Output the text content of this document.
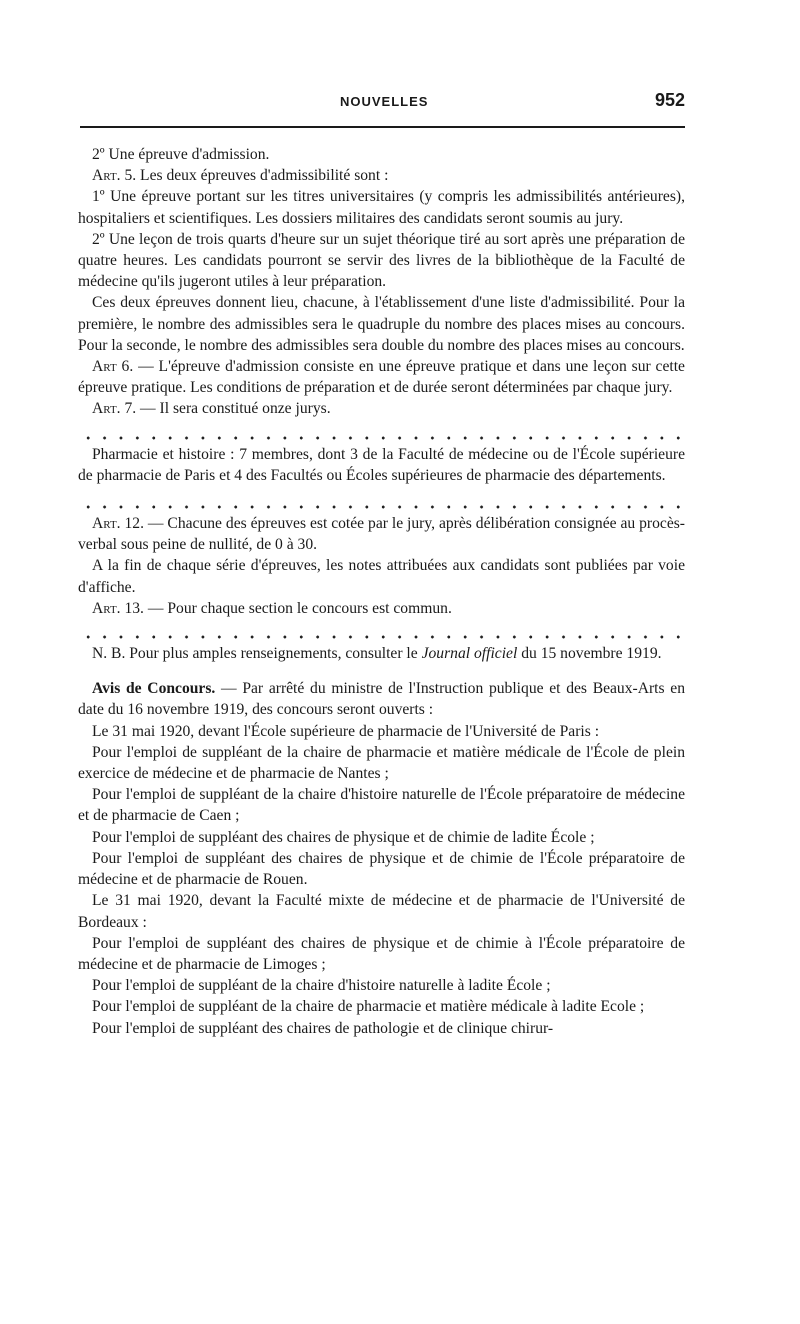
NOUVELLES	952

2º Une épreuve d'admission.

Art. 5. Les deux épreuves d'admissibilité sont :

1º Une épreuve portant sur les titres universitaires (y compris les admissibilités antérieures), hospitaliers et scientifiques. Les dossiers militaires des candidats seront soumis au jury.

2º Une leçon de trois quarts d'heure sur un sujet théorique tiré au sort après une préparation de quatre heures. Les candidats pourront se servir des livres de la bibliothèque de la Faculté de médecine qu'ils jugeront utiles à leur préparation.

Ces deux épreuves donnent lieu, chacune, à l'établissement d'une liste d'admissibilité. Pour la première, le nombre des admissibles sera le quadruple du nombre des places mises au concours. Pour la seconde, le nombre des admissibles sera double du nombre des places mises au concours.

Art 6. — L'épreuve d'admission consiste en une épreuve pratique et dans une leçon sur cette épreuve pratique. Les conditions de préparation et de durée seront déterminées par chaque jury.

Art. 7. — Il sera constitué onze jurys.

Pharmacie et histoire : 7 membres, dont 3 de la Faculté de médecine ou de l'École supérieure de pharmacie de Paris et 4 des Facultés ou Écoles supérieures de pharmacie des départements.

Art. 12. — Chacune des épreuves est cotée par le jury, après délibération consignée au procès-verbal sous peine de nullité, de 0 à 30.

A la fin de chaque série d'épreuves, les notes attribuées aux candidats sont publiées par voie d'affiche.

Art. 13. — Pour chaque section le concours est commun.

N. B. Pour plus amples renseignements, consulter le Journal officiel du 15 novembre 1919.

Avis de Concours. — Par arrêté du ministre de l'Instruction publique et des Beaux-Arts en date du 16 novembre 1919, des concours seront ouverts :

Le 31 mai 1920, devant l'École supérieure de pharmacie de l'Université de Paris :

Pour l'emploi de suppléant de la chaire de pharmacie et matière médicale de l'École de plein exercice de médecine et de pharmacie de Nantes ;

Pour l'emploi de suppléant de la chaire d'histoire naturelle de l'École préparatoire de médecine et de pharmacie de Caen ;

Pour l'emploi de suppléant des chaires de physique et de chimie de ladite École ;

Pour l'emploi de suppléant des chaires de physique et de chimie de l'École préparatoire de médecine et de pharmacie de Rouen.

Le 31 mai 1920, devant la Faculté mixte de médecine et de pharmacie de l'Université de Bordeaux :

Pour l'emploi de suppléant des chaires de physique et de chimie à l'École préparatoire de médecine et de pharmacie de Limoges ;

Pour l'emploi de suppléant de la chaire d'histoire naturelle à ladite École ;

Pour l'emploi de suppléant de la chaire de pharmacie et matière médicale à ladite Ecole ;

Pour l'emploi de suppléant des chaires de pathologie et de clinique chirur-
